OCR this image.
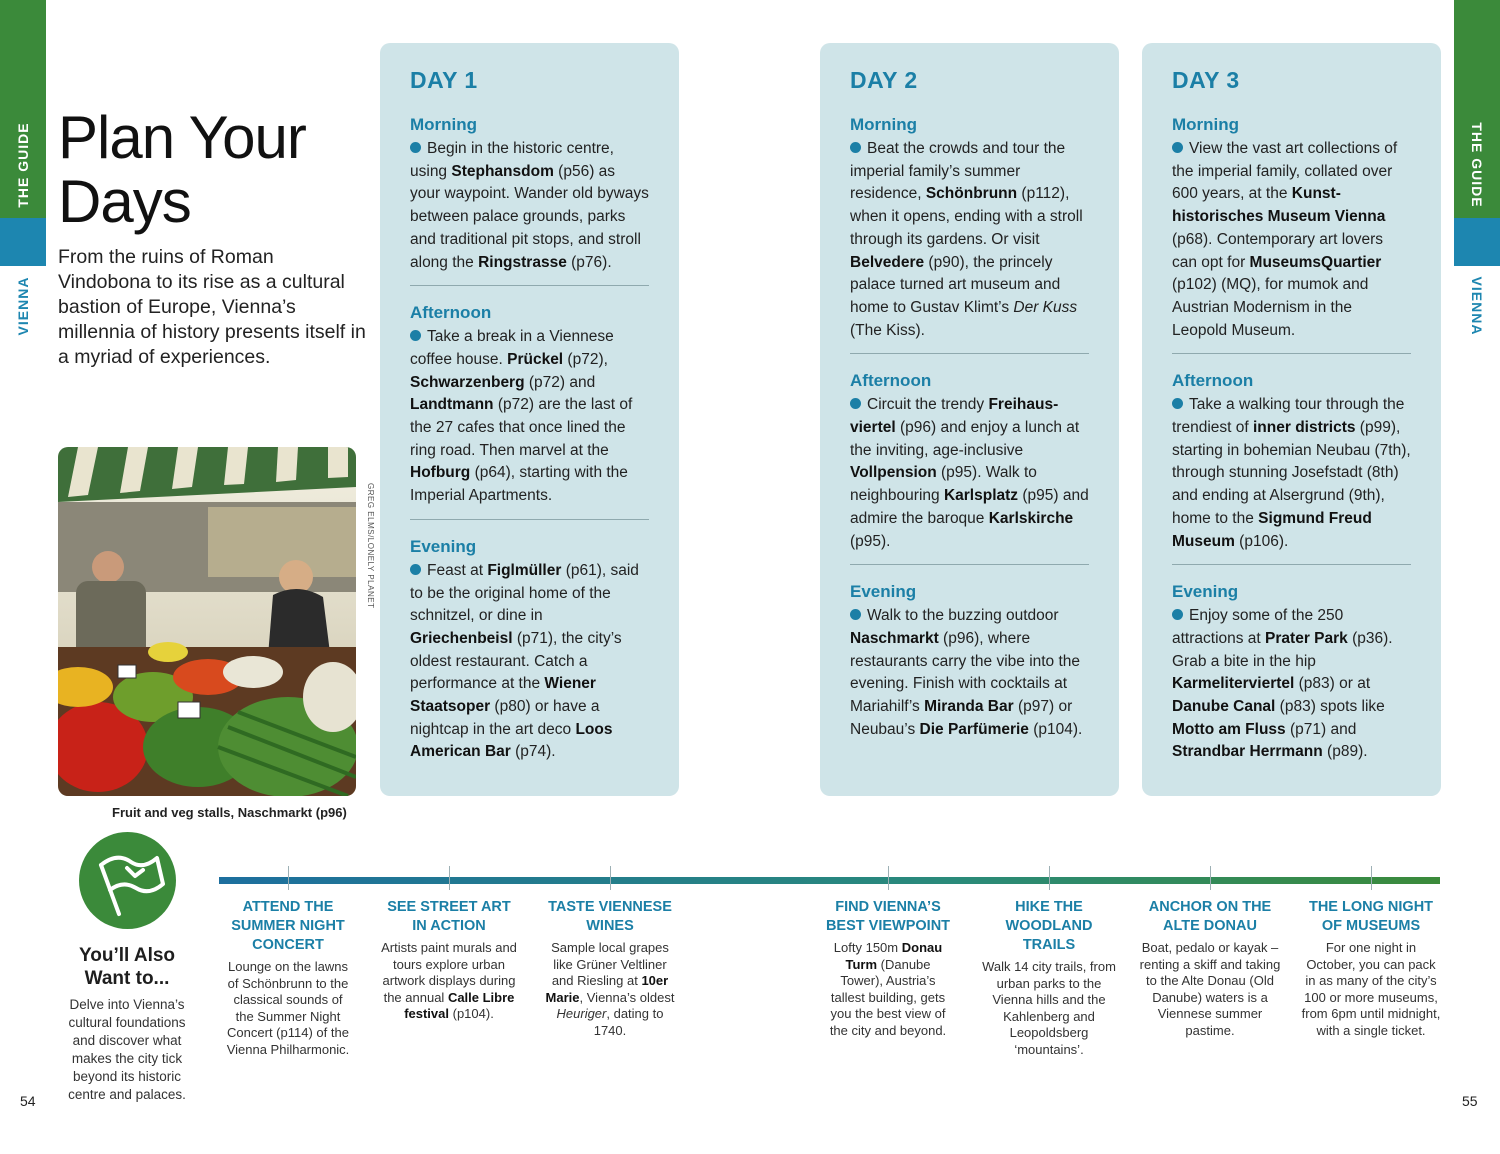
THE GUIDE
VIENNA
THE GUIDE
VIENNA
54	55
Plan Your
Days
From the ruins of Roman Vindobona to its rise as a cultural bastion of Europe, Vienna’s millennia of history presents itself in a myriad of experiences.
GREG ELMS/LONELY PLANET
Fruit and veg stalls, Naschmarkt (p96)
DAY 1
Morning

Begin in the historic centre, using Stephansdom (p56) as your waypoint. Wander old byways between palace grounds, parks and traditional pit stops, and stroll along the Ringstrasse (p76).

Afternoon

Take a break in a Viennese coffee house. Prückel (p72), Schwarzenberg (p72) and Landtmann (p72) are the last of the 27 cafes that once lined the ring road. Then marvel at the Hofburg (p64), starting with the Imperial Apartments.

Evening

Feast at Figlmüller (p61), said to be the original home of the schnitzel, or dine in Griechenbeisl (p71), the city’s oldest restaurant. Catch a performance at the Wiener Staatsoper (p80) or have a nightcap in the art deco Loos American Bar (p74).

DAY 2
Morning

Beat the crowds and tour the imperial family’s summer residence, Schönbrunn (p112), when it opens, ending with a stroll through its gardens. Or visit Belvedere (p90), the princely palace turned art museum and home to Gustav Klimt’s Der Kuss (The Kiss).

Afternoon

Circuit the trendy Freihausviertel (p96) and enjoy a lunch at the inviting, age-inclusive Vollpension (p95). Walk to neighbouring Karlsplatz (p95) and admire the baroque Karlskirche (p95).

Evening

Walk to the buzzing outdoor Naschmarkt (p96), where restaurants carry the vibe into the evening. Finish with cocktails at Mariahilf’s Miranda Bar (p97) or Neubau’s Die Parfümerie (p104).

DAY 3
Morning

View the vast art collections of the imperial family, collated over 600 years, at the Kunsthistorisches Museum Vienna (p68). Contemporary art lovers can opt for MuseumsQuartier (p102) (MQ), for mumok and Austrian Modernism in the Leopold Museum.

Afternoon

Take a walking tour through the trendiest of inner districts (p99), starting in bohemian Neubau (7th), through stunning Josefstadt (8th) and ending at Alsergrund (9th), home to the Sigmund Freud Museum (p106).

Evening

Enjoy some of the 250 attractions at Prater Park (p36). Grab a bite in the hip Karmeliterviertel (p83) or at Danube Canal (p83) spots like Motto am Fluss (p71) and Strandbar Herrmann (p89).

You’ll Also
Want to...
Delve into Vienna’s cultural foundations and discover what makes the city tick beyond its historic centre and palaces.
ATTEND THE SUMMER NIGHT CONCERT

Lounge on the lawns of Schönbrunn to the classical sounds of the Summer Night Concert (p114) of the Vienna Philharmonic.

SEE STREET ART IN ACTION

Artists paint murals and tours explore urban artwork displays during the annual Calle Libre festival (p104).

TASTE VIENNESE WINES

Sample local grapes like Grüner Veltliner and Riesling at 10er Marie, Vienna’s oldest Heuriger, dating to 1740.

FIND VIENNA’S BEST VIEWPOINT

Lofty 150m Donau Turm (Danube Tower), Austria’s tallest building, gets you the best view of the city and beyond.

HIKE THE WOODLAND TRAILS

Walk 14 city trails, from urban parks to the Vienna hills and the Kahlenberg and Leopoldsberg ‘mountains’.

ANCHOR ON THE ALTE DONAU

Boat, pedalo or kayak – renting a skiff and taking to the Alte Donau (Old Danube) waters is a Viennese summer pastime.

THE LONG NIGHT OF MUSEUMS

For one night in October, you can pack in as many of the city’s 100 or more museums, from 6pm until midnight, with a single ticket.
